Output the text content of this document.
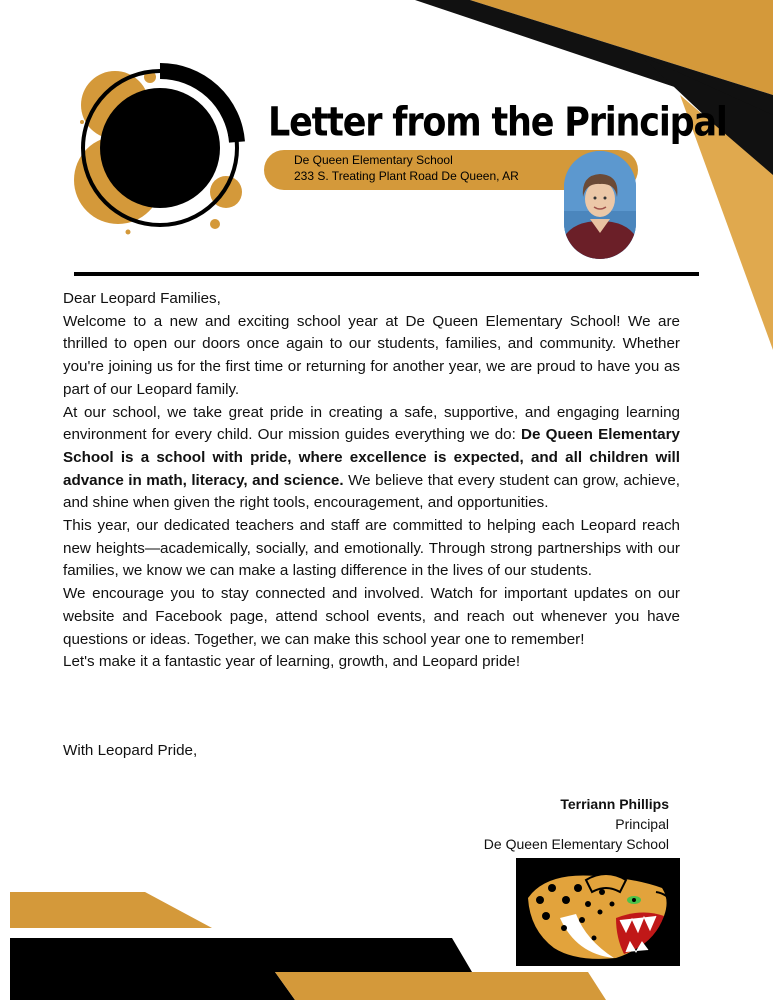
Letter from the Principal
De Queen Elementary School
233 S. Treating Plant Road De Queen, AR

Dear Leopard Families,

Welcome to a new and exciting school year at De Queen Elementary School! We are thrilled to open our doors once again to our students, families, and community. Whether you're joining us for the first time or returning for another year, we are proud to have you as part of our Leopard family.

At our school, we take great pride in creating a safe, supportive, and engaging learning environment for every child. Our mission guides everything we do: De Queen Elementary School is a school with pride, where excellence is expected, and all children will advance in math, literacy, and science. We believe that every student can grow, achieve, and shine when given the right tools, encouragement, and opportunities.

This year, our dedicated teachers and staff are committed to helping each Leopard reach new heights—academically, socially, and emotionally. Through strong partnerships with our families, we know we can make a lasting difference in the lives of our students.

We encourage you to stay connected and involved. Watch for important updates on our website and Facebook page, attend school events, and reach out whenever you have questions or ideas. Together, we can make this school year one to remember!

Let's make it a fantastic year of learning, growth, and Leopard pride!

With Leopard Pride,
Terriann Phillips
Principal
De Queen Elementary School
